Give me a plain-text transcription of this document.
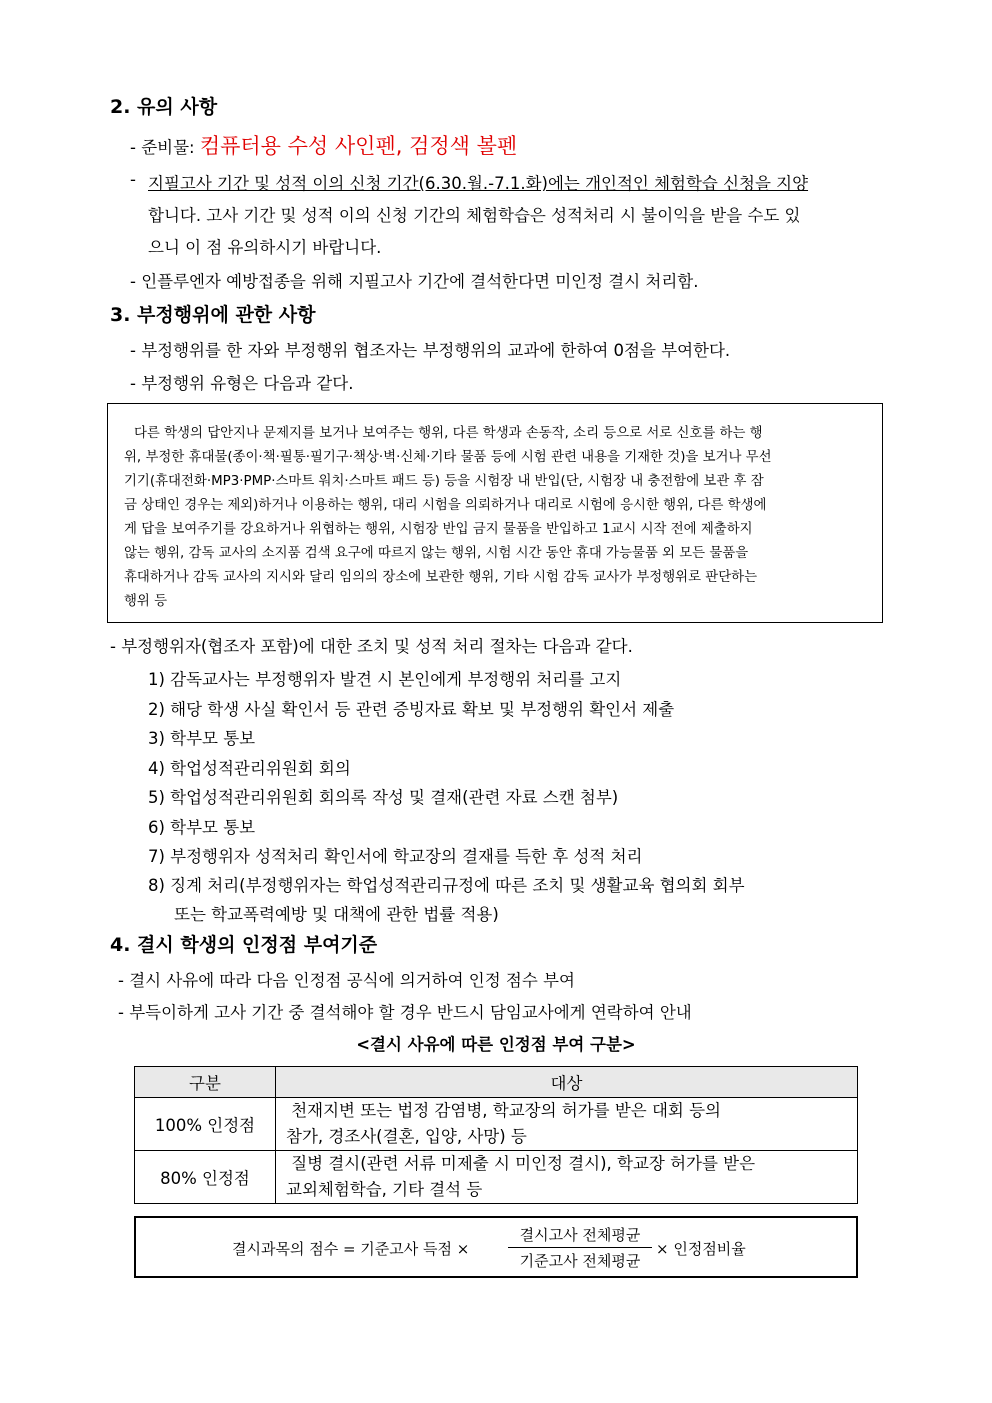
2. 유의 사항
- 준비물: 컴퓨터용 수성 사인펜, 검정색 볼펜
- 지필고사 기간 및 성적 이의 신청 기간(6.30.월.-7.1.화)에는 개인적인 체험학습 신청을 지양
합니다. 고사 기간 및 성적 이의 신청 기간의 체험학습은 성적처리 시 불이익을 받을 수도 있
으니 이 점 유의하시기 바랍니다.
- 인플루엔자 예방접종을 위해 지필고사 기간에 결석한다면 미인정 결시 처리함.
3. 부정행위에 관한 사항
- 부정행위를 한 자와 부정행위 협조자는 부정행위의 교과에 한하여 0점을 부여한다.
- 부정행위 유형은 다음과 같다.
다른 학생의 답안지나 문제지를 보거나 보여주는 행위, 다른 학생과 손동작, 소리 등으로 서로 신호를 하는 행
위, 부정한 휴대물(종이·책·필통·필기구·책상·벽·신체·기타 물품 등에 시험 관련 내용을 기재한 것)을 보거나 무선
기기(휴대전화·MP3·PMP·스마트 워치·스마트 패드 등) 등을 시험장 내 반입(단, 시험장 내 충전함에 보관 후 잠
금 상태인 경우는 제외)하거나 이용하는 행위, 대리 시험을 의뢰하거나 대리로 시험에 응시한 행위, 다른 학생에
게 답을 보여주기를 강요하거나 위협하는 행위, 시험장 반입 금지 물품을 반입하고 1교시 시작 전에 제출하지
않는 행위, 감독 교사의 소지품 검색 요구에 따르지 않는 행위, 시험 시간 동안 휴대 가능물품 외 모든 물품을
휴대하거나 감독 교사의 지시와 달리 임의의 장소에 보관한 행위, 기타 시험 감독 교사가 부정행위로 판단하는
행위 등
- 부정행위자(협조자 포함)에 대한 조치 및 성적 처리 절차는 다음과 같다.
1) 감독교사는 부정행위자 발견 시 본인에게 부정행위 처리를 고지
2) 해당 학생 사실 확인서 등 관련 증빙자료 확보 및 부정행위 확인서 제출
3) 학부모 통보
4) 학업성적관리위원회 회의
5) 학업성적관리위원회 회의록 작성 및 결재(관련 자료 스캔 첨부)
6) 학부모 통보
7) 부정행위자 성적처리 확인서에 학교장의 결재를 득한 후 성적 처리
8) 징계 처리(부정행위자는 학업성적관리규정에 따른 조치 및 생활교육 협의회 회부
또는 학교폭력예방 및 대책에 관한 법률 적용)
4. 결시 학생의 인정점 부여기준
- 결시 사유에 따라 다음 인정점 공식에 의거하여 인정 점수 부여
- 부득이하게 고사 기간 중 결석해야 할 경우 반드시 담임교사에게 연락하여 안내
<결시 사유에 따른 인정점 부여 구분>
구분	대상
100% 인정점	천재지변 또는 법정 감염병, 학교장의 허가를 받은 대회 등의
참가, 경조사(결혼, 입양, 사망) 등

80% 인정점	질병 결시(관련 서류 미제출 시 미인정 결시), 학교장 허가를 받은
교외체험학습, 기타 결석 등
결시과목의 점수 = 기준고사 득점 ×
결시고사 전체평균
기준고사 전체평균
× 인정점비율
